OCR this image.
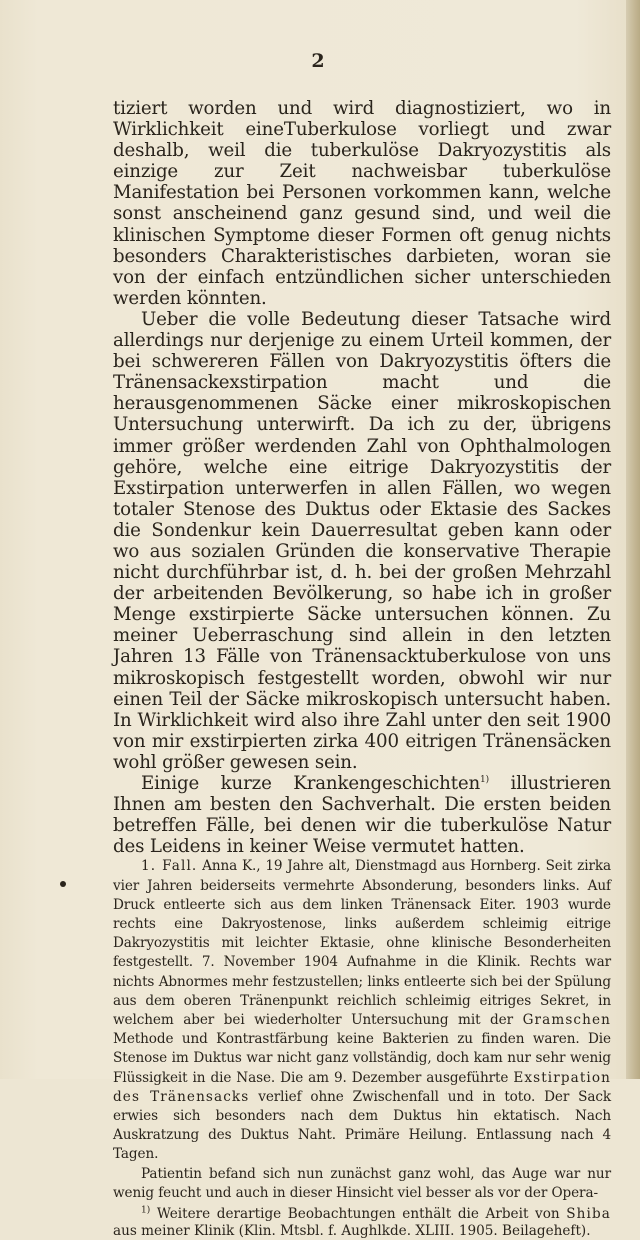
2

tiziert worden und wird diagnostiziert, wo in Wirklichkeit eineTuberkulose vorliegt und zwar deshalb, weil die tuberkulöse Dakryozystitis als einzige zur Zeit nachweisbar tuberkulöse Manifestation bei Personen vorkommen kann, welche sonst anscheinend ganz gesund sind, und weil die klinischen Symptome dieser Formen oft genug nichts besonders Charakteristisches darbieten, woran sie von der einfach entzündlichen sicher unterschieden werden könnten.

Ueber die volle Bedeutung dieser Tatsache wird allerdings nur derjenige zu einem Urteil kommen, der bei schwereren Fällen von Dakryozystitis öfters die Tränensackexstirpation macht und die herausgenommenen Säcke einer mikroskopischen Untersuchung unterwirft. Da ich zu der, übrigens immer größer werdenden Zahl von Ophthalmologen gehöre, welche eine eitrige Dakryozystitis der Exstirpation unterwerfen in allen Fällen, wo wegen totaler Stenose des Duktus oder Ektasie des Sackes die Sondenkur kein Dauerresultat geben kann oder wo aus sozialen Gründen die konservative Therapie nicht durchführbar ist, d. h. bei der großen Mehrzahl der arbeitenden Bevölkerung, so habe ich in großer Menge exstirpierte Säcke untersuchen können. Zu meiner Ueberraschung sind allein in den letzten Jahren 13 Fälle von Tränensacktuberkulose von uns mikroskopisch festgestellt worden, obwohl wir nur einen Teil der Säcke mikroskopisch untersucht haben. In Wirklichkeit wird also ihre Zahl unter den seit 1900 von mir exstirpierten zirka 400 eitrigen Tränensäcken wohl größer gewesen sein.

Einige kurze Krankengeschichten$^{1)}$ illustrieren Ihnen am besten den Sachverhalt. Die ersten beiden betreffen Fälle, bei denen wir die tuberkulöse Natur des Leidens in keiner Weise vermutet hatten.

1. Fall. Anna K., 19 Jahre alt, Dienstmagd aus Hornberg. Seit zirka vier Jahren beiderseits vermehrte Absonderung, besonders links. Auf Druck entleerte sich aus dem linken Tränensack Eiter. 1903 wurde rechts eine Dakryostenose, links außerdem schleimig eitrige Dakryozystitis mit leichter Ektasie, ohne klinische Besonderheiten festgestellt. 7. November 1904 Aufnahme in die Klinik. Rechts war nichts Abnormes mehr festzustellen; links entleerte sich bei der Spülung aus dem oberen Tränenpunkt reichlich schleimig eitriges Sekret, in welchem aber bei wiederholter Untersuchung mit der Gramschen Methode und Kontrastfärbung keine Bakterien zu finden waren. Die Stenose im Duktus war nicht ganz vollständig, doch kam nur sehr wenig Flüssigkeit in die Nase. Die am 9. Dezember ausgeführte Exstirpation des Tränensacks verlief ohne Zwischenfall und in toto. Der Sack erwies sich besonders nach dem Duktus hin ektatisch. Nach Auskratzung des Duktus Naht. Primäre Heilung. Entlassung nach 4 Tagen.

Patientin befand sich nun zunächst ganz wohl, das Auge war nur wenig feucht und auch in dieser Hinsicht viel besser als vor der Opera-

$^{1)}$ Weitere derartige Beobachtungen enthält die Arbeit von Shiba aus meiner Klinik (Klin. Mtsbl. f. Aughlkde. XLIII. 1905. Beilageheft).
